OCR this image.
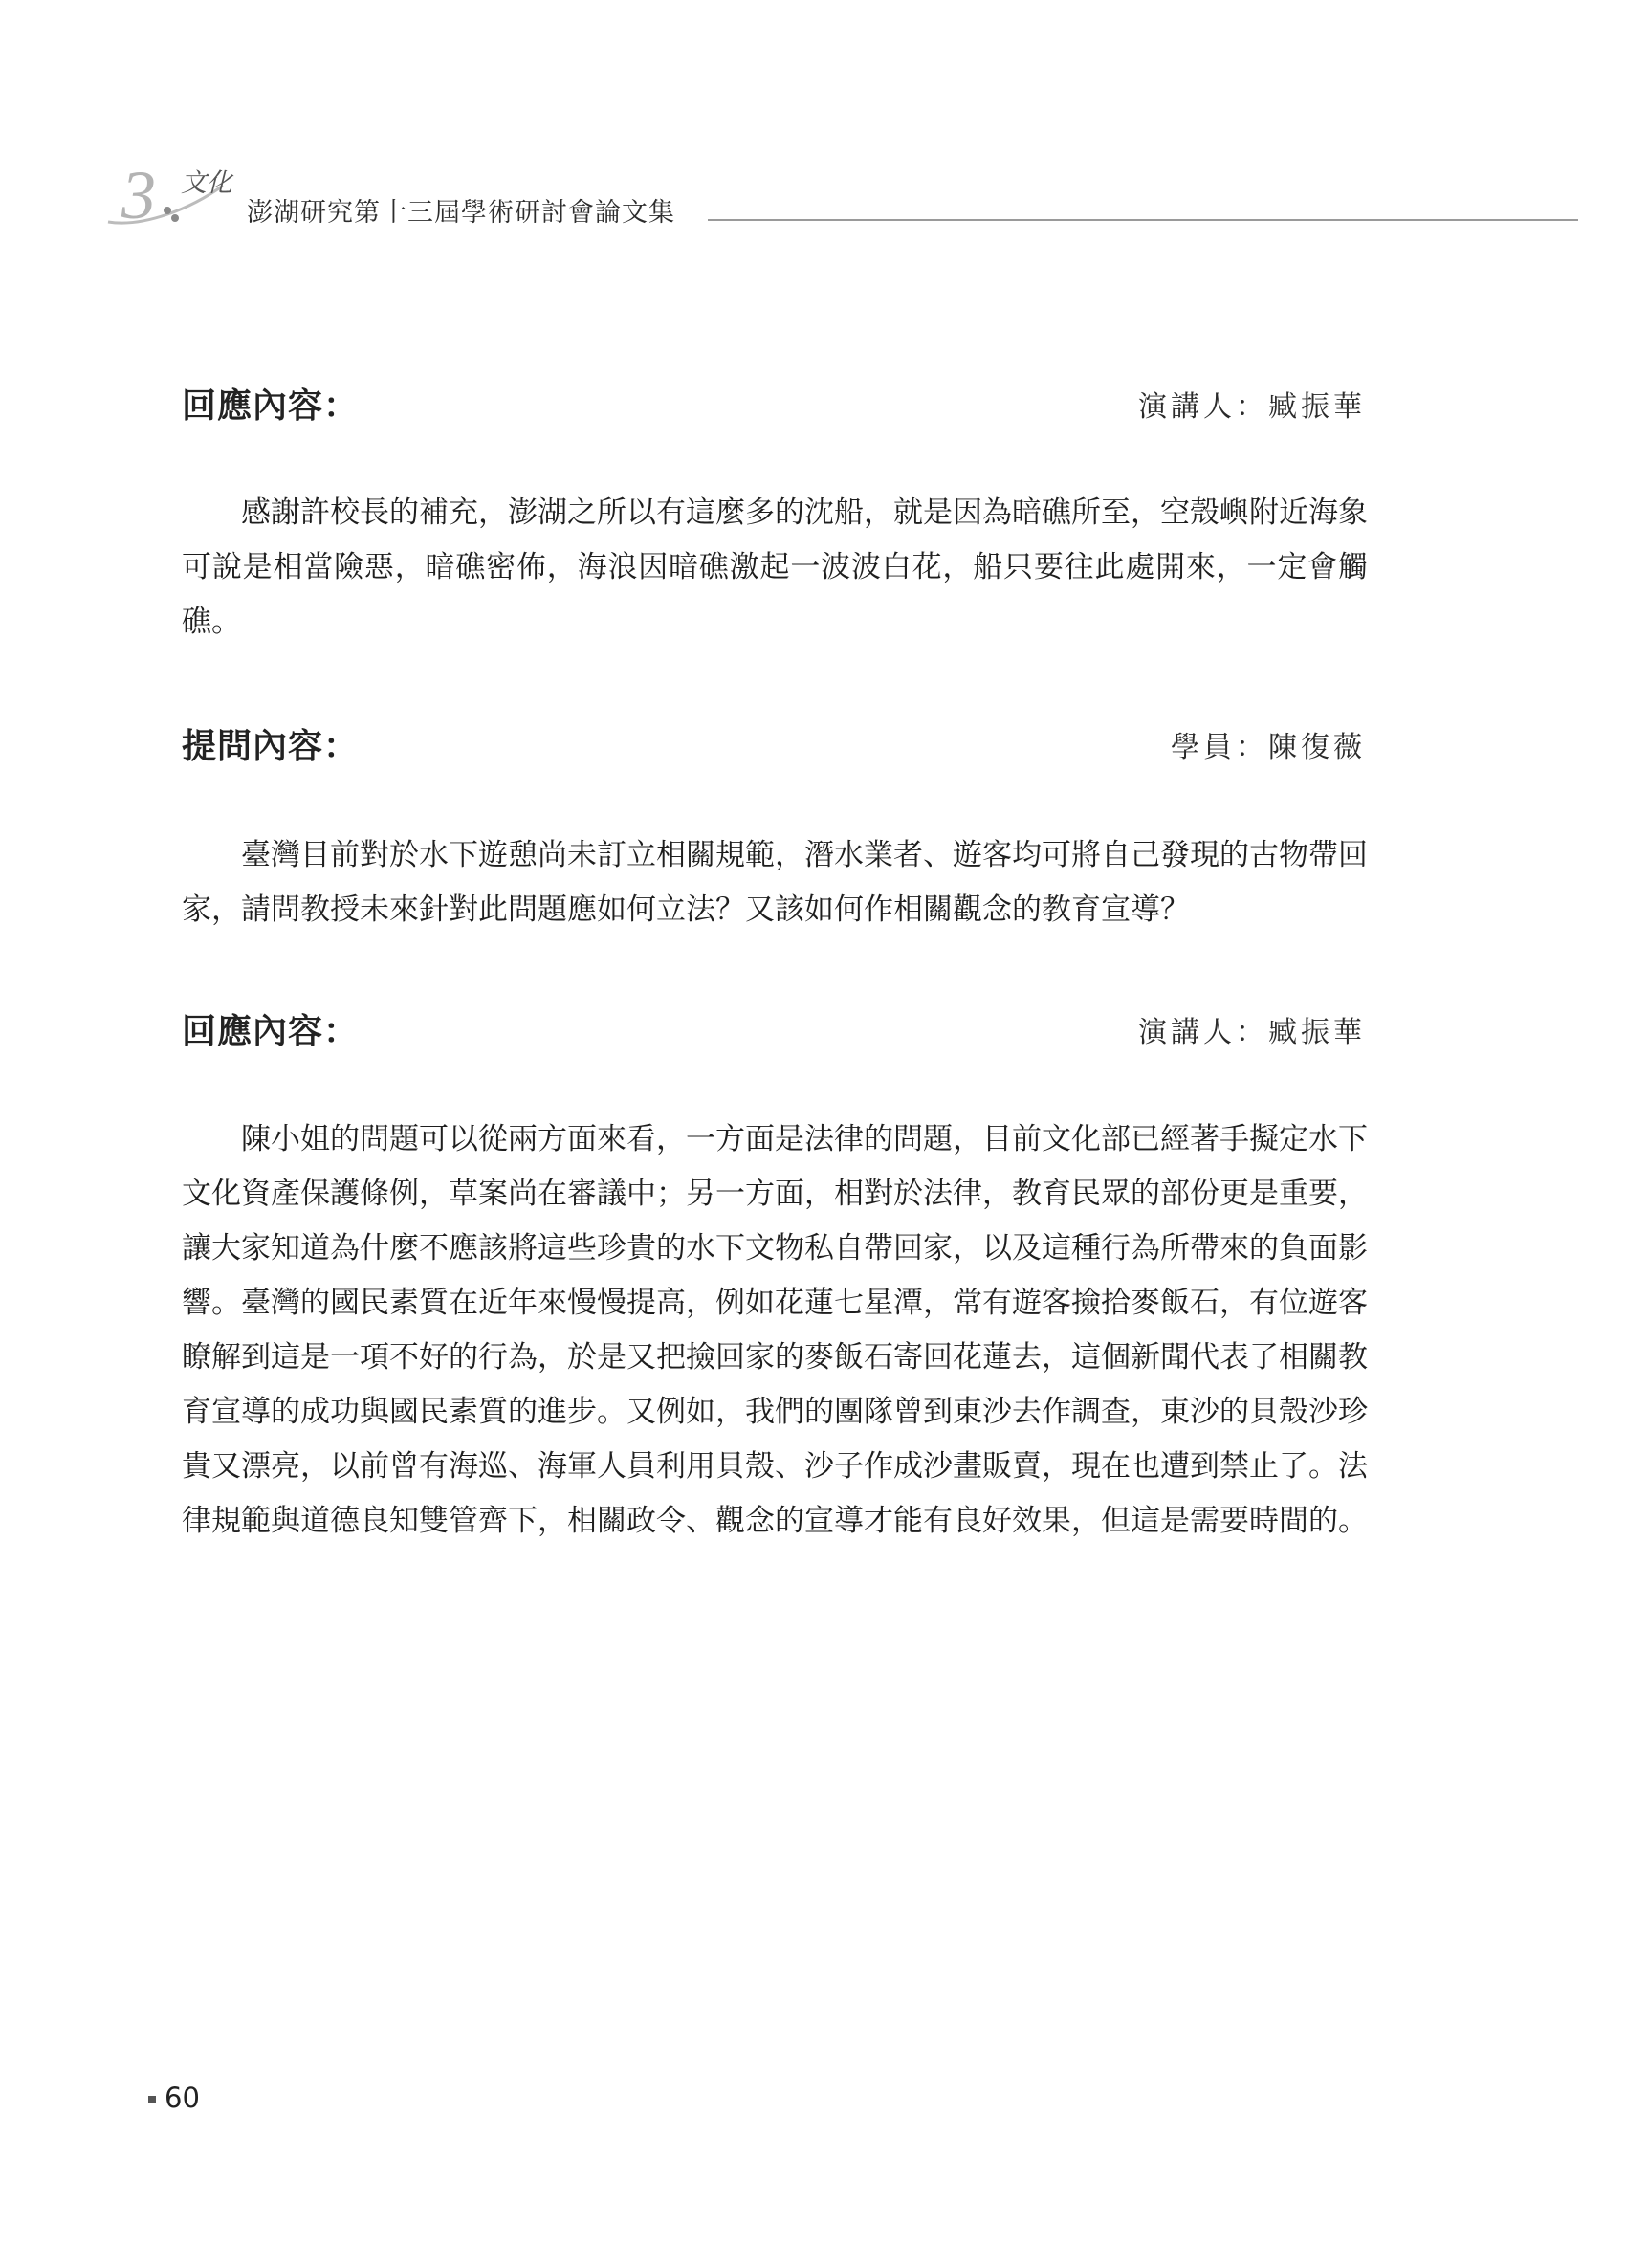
3 文化
澎湖研究第十三屆學術研討會論文集
回應內容：	演講人：臧振華

感謝許校長的補充，澎湖之所以有這麼多的沈船，就是因為暗礁所至，空殼嶼附近海象可說是相當險惡，暗礁密佈，海浪因暗礁激起一波波白花，船只要往此處開來，一定會觸礁。

提問內容：	學員：陳復薇

臺灣目前對於水下遊憩尚未訂立相關規範，潛水業者、遊客均可將自己發現的古物帶回家，請問教授未來針對此問題應如何立法？又該如何作相關觀念的教育宣導？

回應內容：	演講人：臧振華

陳小姐的問題可以從兩方面來看，一方面是法律的問題，目前文化部已經著手擬定水下文化資產保護條例，草案尚在審議中；另一方面，相對於法律，教育民眾的部份更是重要，讓大家知道為什麼不應該將這些珍貴的水下文物私自帶回家，以及這種行為所帶來的負面影響。臺灣的國民素質在近年來慢慢提高，例如花蓮七星潭，常有遊客撿拾麥飯石，有位遊客瞭解到這是一項不好的行為，於是又把撿回家的麥飯石寄回花蓮去，這個新聞代表了相關教育宣導的成功與國民素質的進步。又例如，我們的團隊曾到東沙去作調查，東沙的貝殼沙珍貴又漂亮，以前曾有海巡、海軍人員利用貝殼、沙子作成沙畫販賣，現在也遭到禁止了。法律規範與道德良知雙管齊下，相關政令、觀念的宣導才能有良好效果，但這是需要時間的。

60
